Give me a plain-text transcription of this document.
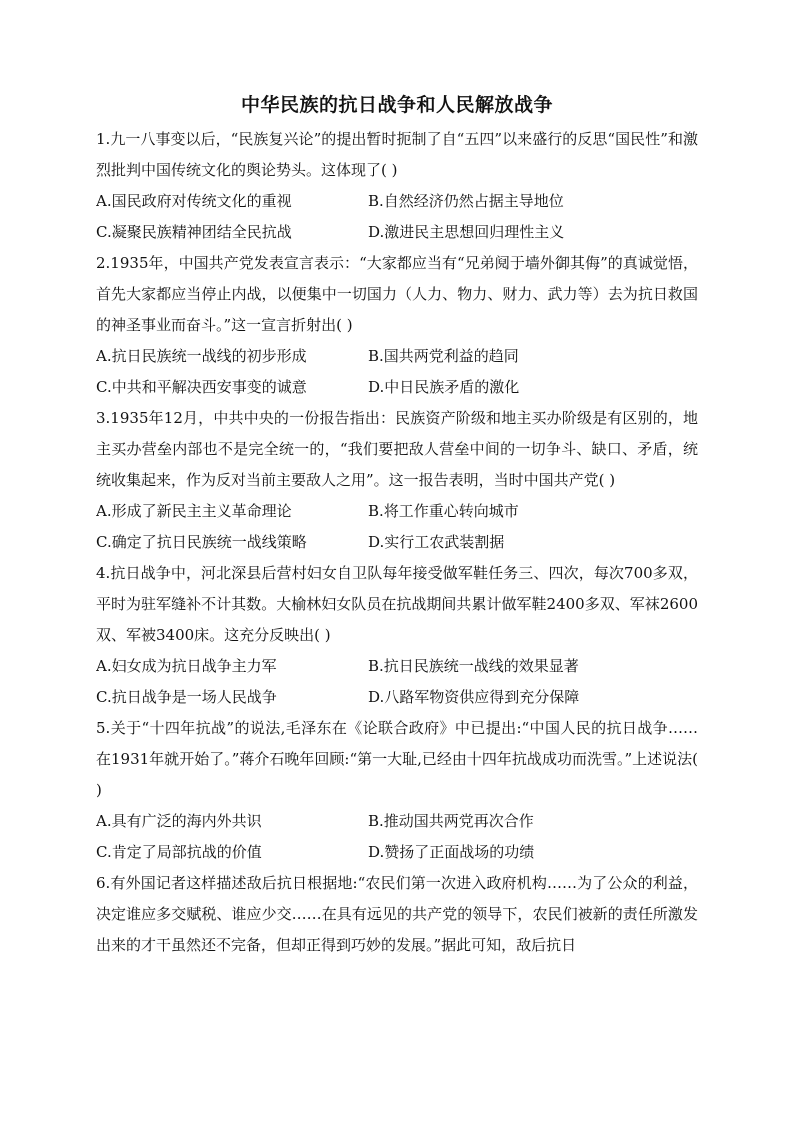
中华民族的抗日战争和人民解放战争

1.九一八事变以后，“民族复兴论”的提出暂时扼制了自“五四”以来盛行的反思“国民性”和激烈批判中国传统文化的舆论势头。这体现了( )

A.国民政府对传统文化的重视	B.自然经济仍然占据主导地位
C.凝聚民族精神团结全民抗战	D.激进民主思想回归理性主义

2.1935年，中国共产党发表宣言表示：“大家都应当有“兄弟阋于墙外御其侮”的真诚觉悟，首先大家都应当停止内战，以便集中一切国力（人力、物力、财力、武力等）去为抗日救国的神圣事业而奋斗。”这一宣言折射出( )

A.抗日民族统一战线的初步形成	B.国共两党利益的趋同
C.中共和平解决西安事变的诚意	D.中日民族矛盾的激化

3.1935年12月，中共中央的一份报告指出：民族资产阶级和地主买办阶级是有区别的，地主买办营垒内部也不是完全统一的，“我们要把敌人营垒中间的一切争斗、缺口、矛盾，统统收集起来，作为反对当前主要敌人之用”。这一报告表明，当时中国共产党( )

A.形成了新民主主义革命理论	B.将工作重心转向城市
C.确定了抗日民族统一战线策略	D.实行工农武装割据

4.抗日战争中，河北深县后营村妇女自卫队每年接受做军鞋任务三、四次，每次700多双，平时为驻军缝补不计其数。大榆林妇女队员在抗战期间共累计做军鞋2400多双、军袜2600双、军被3400床。这充分反映出( )

A.妇女成为抗日战争主力军	B.抗日民族统一战线的效果显著
C.抗日战争是一场人民战争	D.八路军物资供应得到充分保障

5.关于“十四年抗战”的说法,毛泽东在《论联合政府》中已提出:“中国人民的抗日战争……在1931年就开始了。”蒋介石晚年回顾:“第一大耻,已经由十四年抗战成功而洗雪。”上述说法( )

A.具有广泛的海内外共识	B.推动国共两党再次合作
C.肯定了局部抗战的价值	D.赞扬了正面战场的功绩

6.有外国记者这样描述敌后抗日根据地:“农民们第一次进入政府机构……为了公众的利益，决定谁应多交赋税、谁应少交……在具有远见的共产党的领导下，农民们被新的责任所激发出来的才干虽然还不完备，但却正得到巧妙的发展。”据此可知，敌后抗日
